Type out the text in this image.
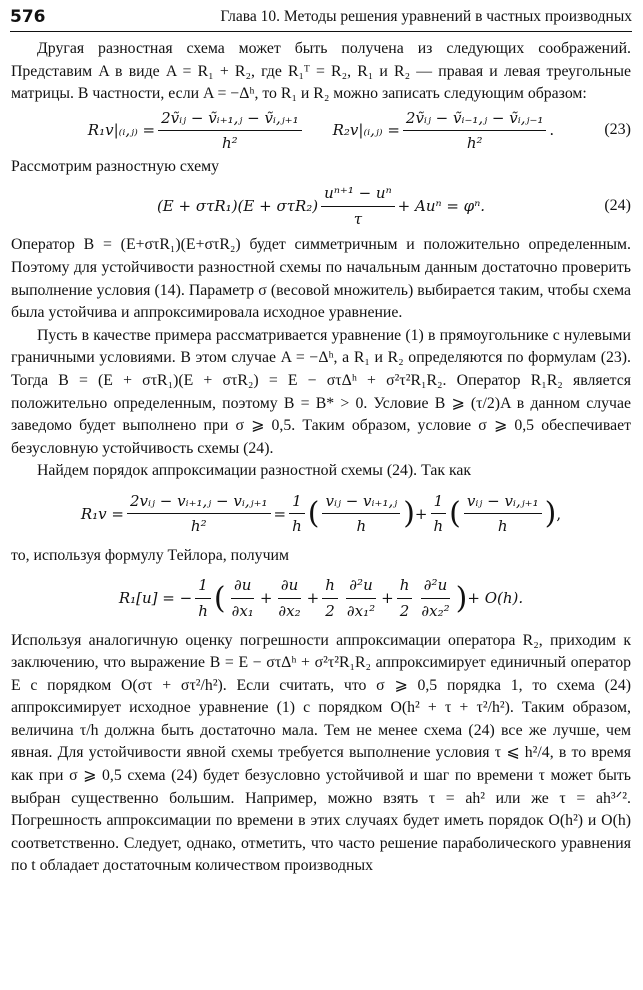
576	Глава 10. Методы решения уравнений в частных производных

Другая разностная схема может быть получена из следующих соображений. Представим A в виде A = R₁ + R₂, где R₁ᵀ = R₂, R₁ и R₂ — правая и левая треугольные матрицы. В частности, если A = −Δʰ, то R₁ и R₂ можно записать следующим образом:

R₁v|₍ᵢ,ⱼ₎ = $\frac{\text{2ṽᵢⱼ − ṽᵢ₊₁,ⱼ − ṽᵢ,ⱼ₊₁}}{\text{h²}}$ R₂v|₍ᵢ,ⱼ₎ = $\frac{\text{2ṽᵢⱼ − ṽᵢ₋₁,ⱼ − ṽᵢ,ⱼ₋₁}}{\text{h²}}$ .	(23)

Рассмотрим разностную схему

$(E + \sigma\tau R_1)(E + \sigma\tau R_2) \frac{\text{uⁿ⁺¹ − uⁿ}}{\tau} + Au^n = \varphi^n$.	(24)

Оператор B = (E+στR₁)(E+στR₂) будет симметричным и положительно определенным. Поэтому для устойчивости разностной схемы по начальным данным достаточно проверить выполнение условия (14). Параметр σ (весовой множитель) выбирается таким, чтобы схема была устойчива и аппроксимировала исходное уравнение.

Пусть в качестве примера рассматривается уравнение (1) в прямоугольнике с нулевыми граничными условиями. В этом случае A = −Δʰ, а R₁ и R₂ определяются по формулам (23). Тогда B = (E + στR₁)(E + στR₂) = E − στΔʰ + σ²τ²R₁R₂. Оператор R₁R₂ является положительно определенным, поэтому B = B* > 0. Условие B ⩾ (τ/2)A в данном случае заведомо будет выполнено при σ ⩾ 0,5. Таким образом, условие σ ⩾ 0,5 обеспечивает безусловную устойчивость схемы (24).

Найдем порядок аппроксимации разностной схемы (24). Так как

$R_1v = \frac{\text{2vᵢⱼ − vᵢ₊₁,ⱼ − vᵢ,ⱼ₊₁}}{\text{h²}} = \frac{1}{h}$ ( $\frac{\text{vᵢⱼ − vᵢ₊₁,ⱼ}}{h}$ ) + $\frac{1}{h}$ ( $\frac{\text{vᵢⱼ − vᵢ,ⱼ₊₁}}{h}$ ) ,

то, используя формулу Тейлора, получим

R₁[u] = − $\frac{1}{h}$ ( $\frac{\partial u}{\text{∂x₁}} + \frac{\partial u}{\text{∂x₂}} + \frac{h}{2} \frac{\text{∂²u}}{\text{∂x₁²}} + \frac{h}{2} \frac{\text{∂²u}}{\text{∂x₂²}}$ ) + O(h).

Используя аналогичную оценку погрешности аппроксимации оператора R₂, приходим к заключению, что выражение B = E − στΔʰ + σ²τ²R₁R₂ аппроксимирует единичный оператор E с порядком O(στ + στ²/h²). Если считать, что σ ⩾ 0,5 порядка 1, то схема (24) аппроксимирует исходное уравнение (1) с порядком O(h² + τ + τ²/h²). Таким образом, величина τ/h должна быть достаточно мала. Тем не менее схема (24) все же лучше, чем явная. Для устойчивости явной схемы требуется выполнение условия τ ⩽ h²/4, в то время как при σ ⩾ 0,5 схема (24) будет безусловно устойчивой и шаг по времени τ может быть выбран существенно большим. Например, можно взять τ = ah² или же τ = ah³ᐟ². Погрешность аппроксимации по времени в этих случаях будет иметь порядок O(h²) и O(h) соответственно. Следует, однако, отметить, что часто решение параболического уравнения по t обладает достаточным количеством производных
